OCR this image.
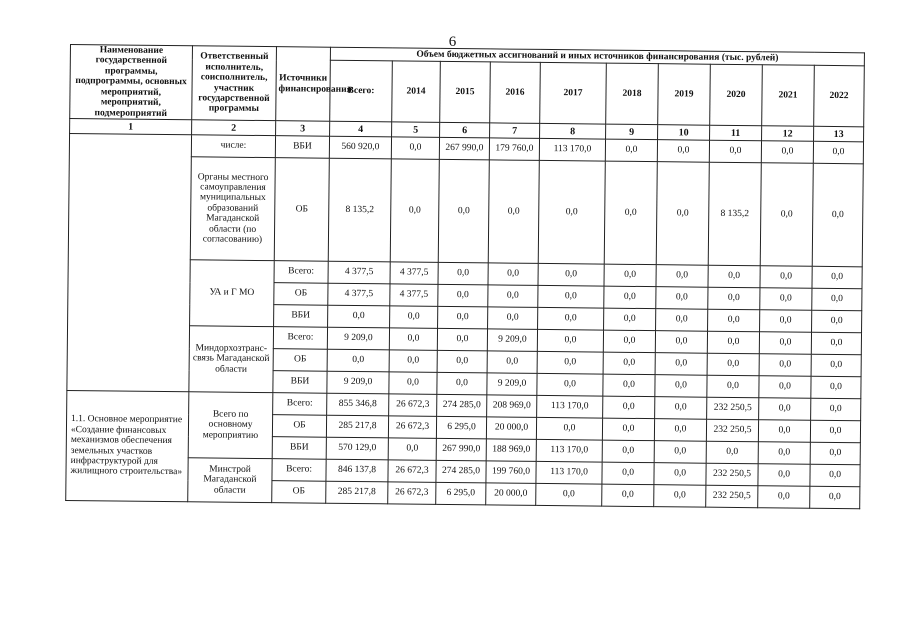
6
Наименование государственной программы, подпрограммы, основных мероприятий, мероприятий, подмероприятий	Ответственный исполнитель, соисполнитель, участник государственной программы	Источники финансирования	Объем бюджетных ассигнований и иных источников финансирования (тыс. рублей)									
			Всего:	2014	2015	2016	2017	2018	2019	2020	2021	2022
1	2	3	4	5	6	7	8	9	10	11	12	13
	числе:	ВБИ	560 920,0	0,0	267 990,0	179 760,0	113 170,0	0,0	0,0	0,0	0,0	0,0
	Органы местного самоуправления муниципальных образований Магаданской области (по согласованию)	ОБ	8 135,2	0,0	0,0	0,0	0,0	0,0	0,0	8 135,2	0,0	0,0
	УА и Г МО	Всего:	4 377,5	4 377,5	0,0	0,0	0,0	0,0	0,0	0,0	0,0	0,0
		ОБ	4 377,5	4 377,5	0,0	0,0	0,0	0,0	0,0	0,0	0,0	0,0
		ВБИ	0,0	0,0	0,0	0,0	0,0	0,0	0,0	0,0	0,0	0,0
	Миндорхозтранс-связь Магаданской области	Всего:	9 209,0	0,0	0,0	9 209,0	0,0	0,0	0,0	0,0	0,0	0,0
		ОБ	0,0	0,0	0,0	0,0	0,0	0,0	0,0	0,0	0,0	0,0
		ВБИ	9 209,0	0,0	0,0	9 209,0	0,0	0,0	0,0	0,0	0,0	0,0
1.1. Основное мероприятие «Создание финансовых механизмов обеспечения земельных участков инфраструктурой для жилищного строительства»	Всего по основному мероприятию	Всего:	855 346,8	26 672,3	274 285,0	208 969,0	113 170,0	0,0	0,0	232 250,5	0,0	0,0
		ОБ	285 217,8	26 672,3	6 295,0	20 000,0	0,0	0,0	0,0	232 250,5	0,0	0,0
		ВБИ	570 129,0	0,0	267 990,0	188 969,0	113 170,0	0,0	0,0	0,0	0,0	0,0
	Минстрой Магаданской области	Всего:	846 137,8	26 672,3	274 285,0	199 760,0	113 170,0	0,0	0,0	232 250,5	0,0	0,0
		ОБ	285 217,8	26 672,3	6 295,0	20 000,0	0,0	0,0	0,0	232 250,5	0,0	0,0
